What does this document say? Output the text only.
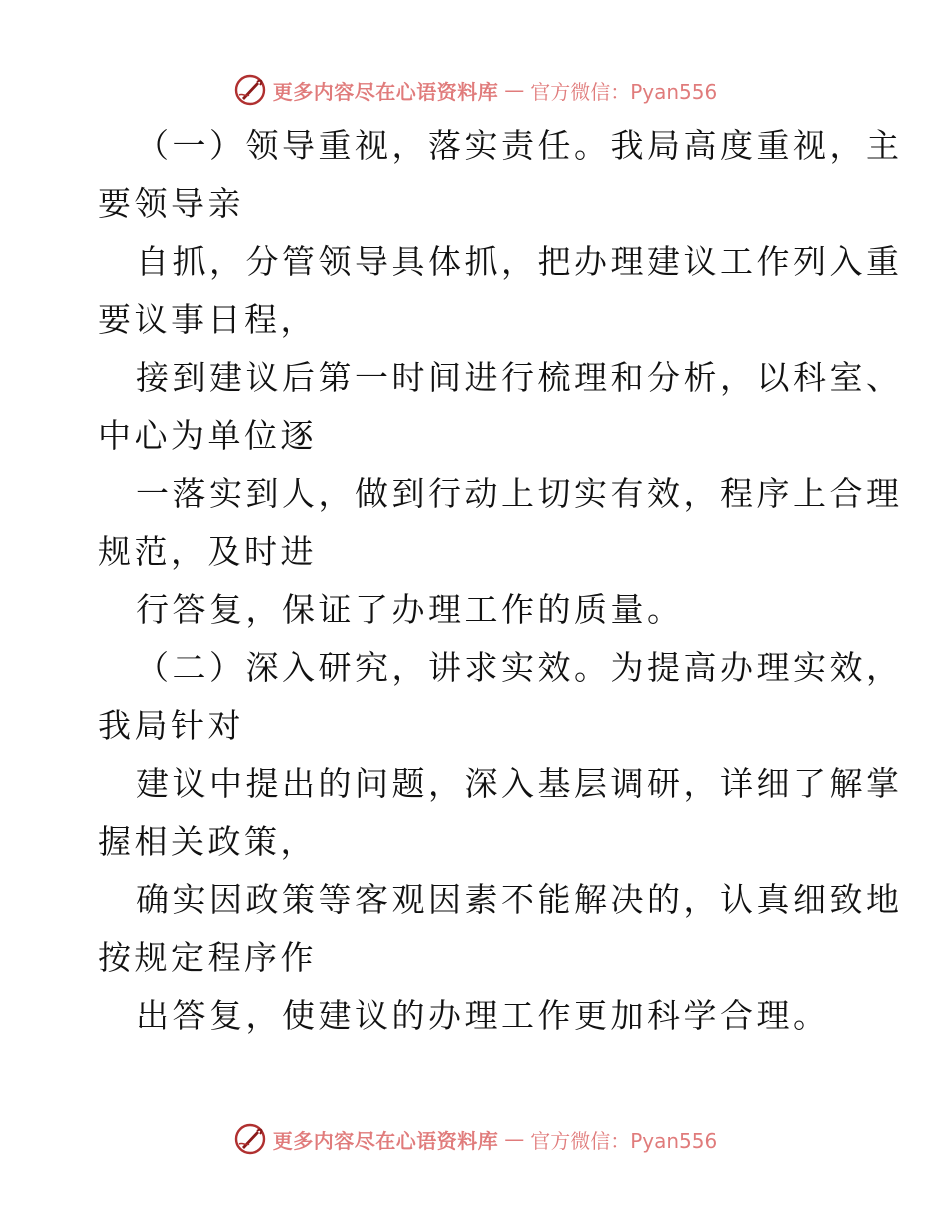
更多内容尽在心语资料库 — 官方微信：Pyan556
（一）领导重视，落实责任。我局高度重视，主
要领导亲
自抓，分管领导具体抓，把办理建议工作列入重
要议事日程，
接到建议后第一时间进行梳理和分析，以科室、
中心为单位逐
一落实到人，做到行动上切实有效，程序上合理
规范，及时进
行答复，保证了办理工作的质量。
（二）深入研究，讲求实效。为提高办理实效，
我局针对
建议中提出的问题，深入基层调研，详细了解掌
握相关政策，
确实因政策等客观因素不能解决的，认真细致地
按规定程序作
出答复，使建议的办理工作更加科学合理。
更多内容尽在心语资料库 — 官方微信：Pyan556
